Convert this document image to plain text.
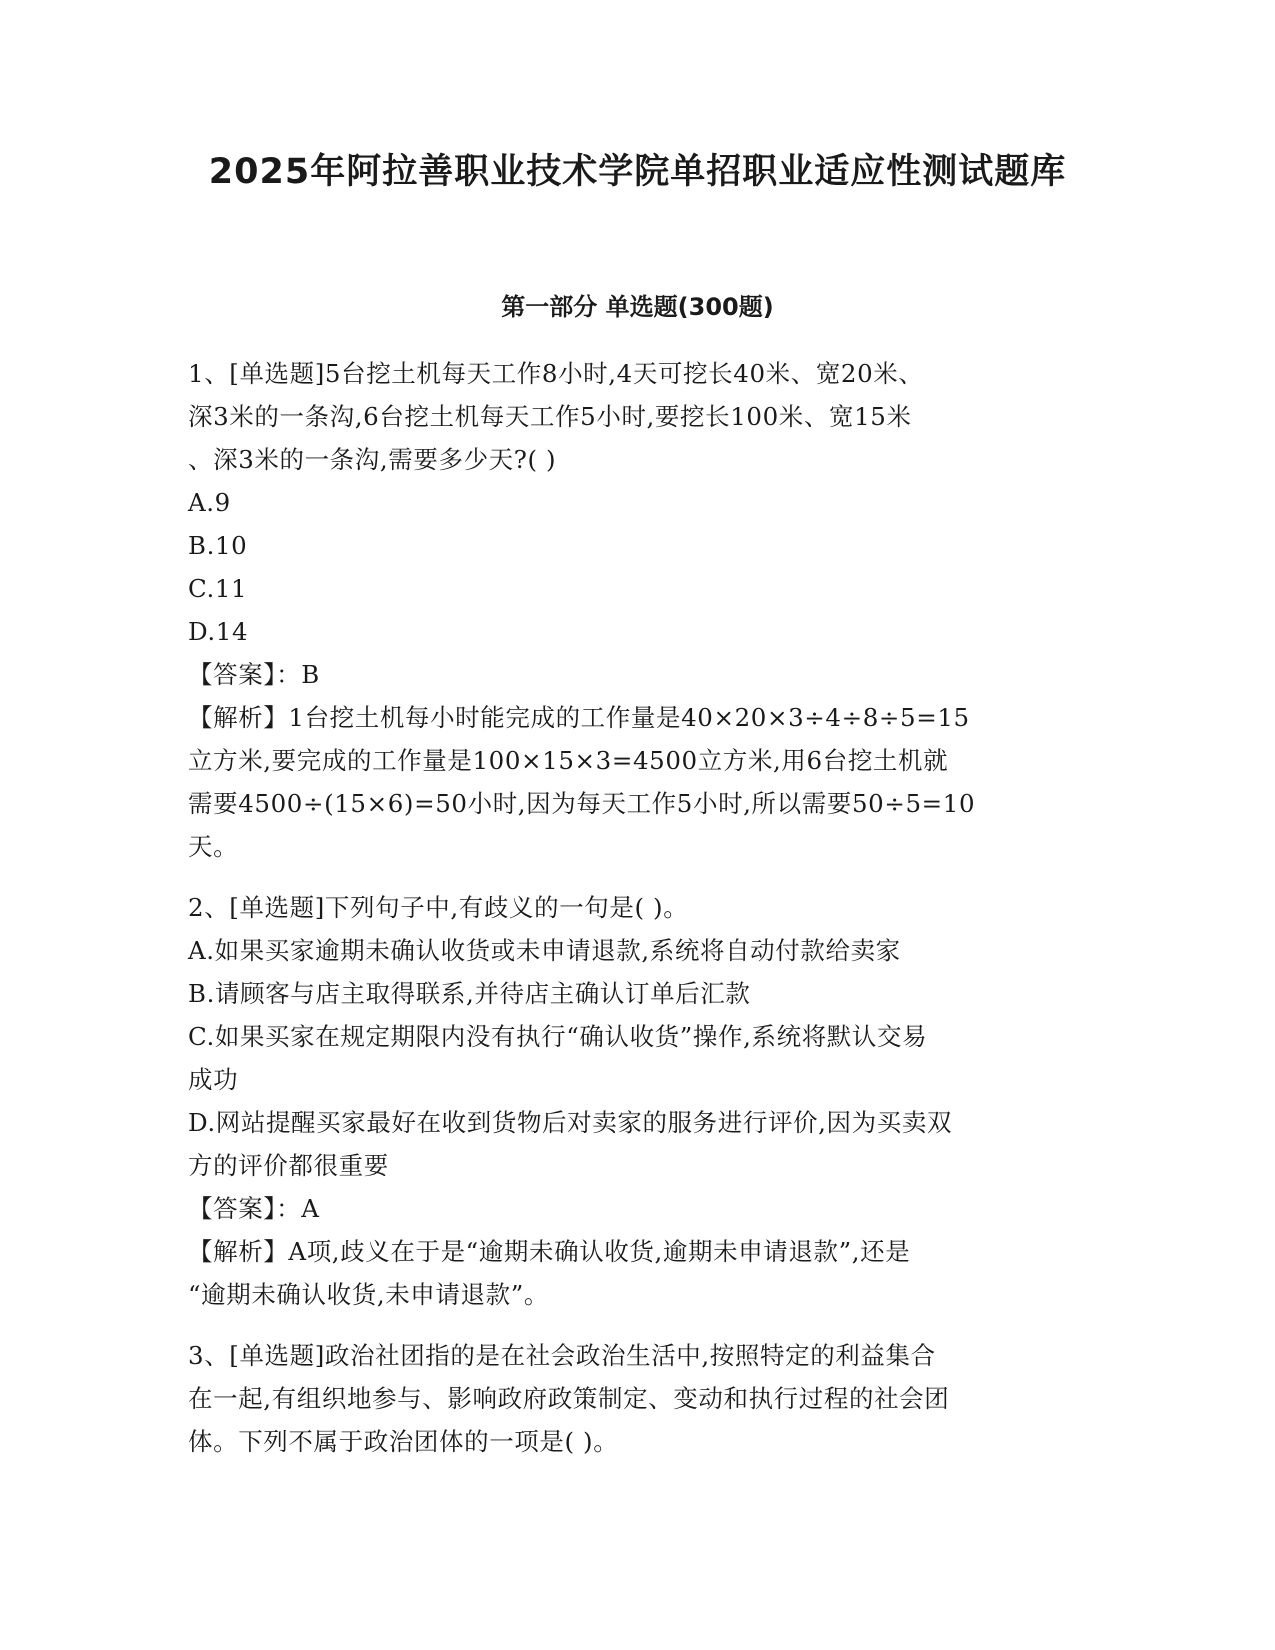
2025年阿拉善职业技术学院单招职业适应性测试题库
第一部分 单选题(300题)
1、[单选题]5台挖土机每天工作8小时,4天可挖长40米、宽20米、
深3米的一条沟,6台挖土机每天工作5小时,要挖长100米、宽15米
、深3米的一条沟,需要多少天?( )
A.9
B.10
C.11
D.14
【答案】：B
【解析】1台挖土机每小时能完成的工作量是40×20×3÷4÷8÷5=15
立方米,要完成的工作量是100×15×3=4500立方米,用6台挖土机就
需要4500÷(15×6)=50小时,因为每天工作5小时,所以需要50÷5=10
天。
2、[单选题]下列句子中,有歧义的一句是( )。
A.如果买家逾期未确认收货或未申请退款,系统将自动付款给卖家
B.请顾客与店主取得联系,并待店主确认订单后汇款
C.如果买家在规定期限内没有执行“确认收货”操作,系统将默认交易
成功
D.网站提醒买家最好在收到货物后对卖家的服务进行评价,因为买卖双
方的评价都很重要
【答案】：A
【解析】A项,歧义在于是“逾期未确认收货,逾期未申请退款”,还是
“逾期未确认收货,未申请退款”。
3、[单选题]政治社团指的是在社会政治生活中,按照特定的利益集合
在一起,有组织地参与、影响政府政策制定、变动和执行过程的社会团
体。下列不属于政治团体的一项是( )。
